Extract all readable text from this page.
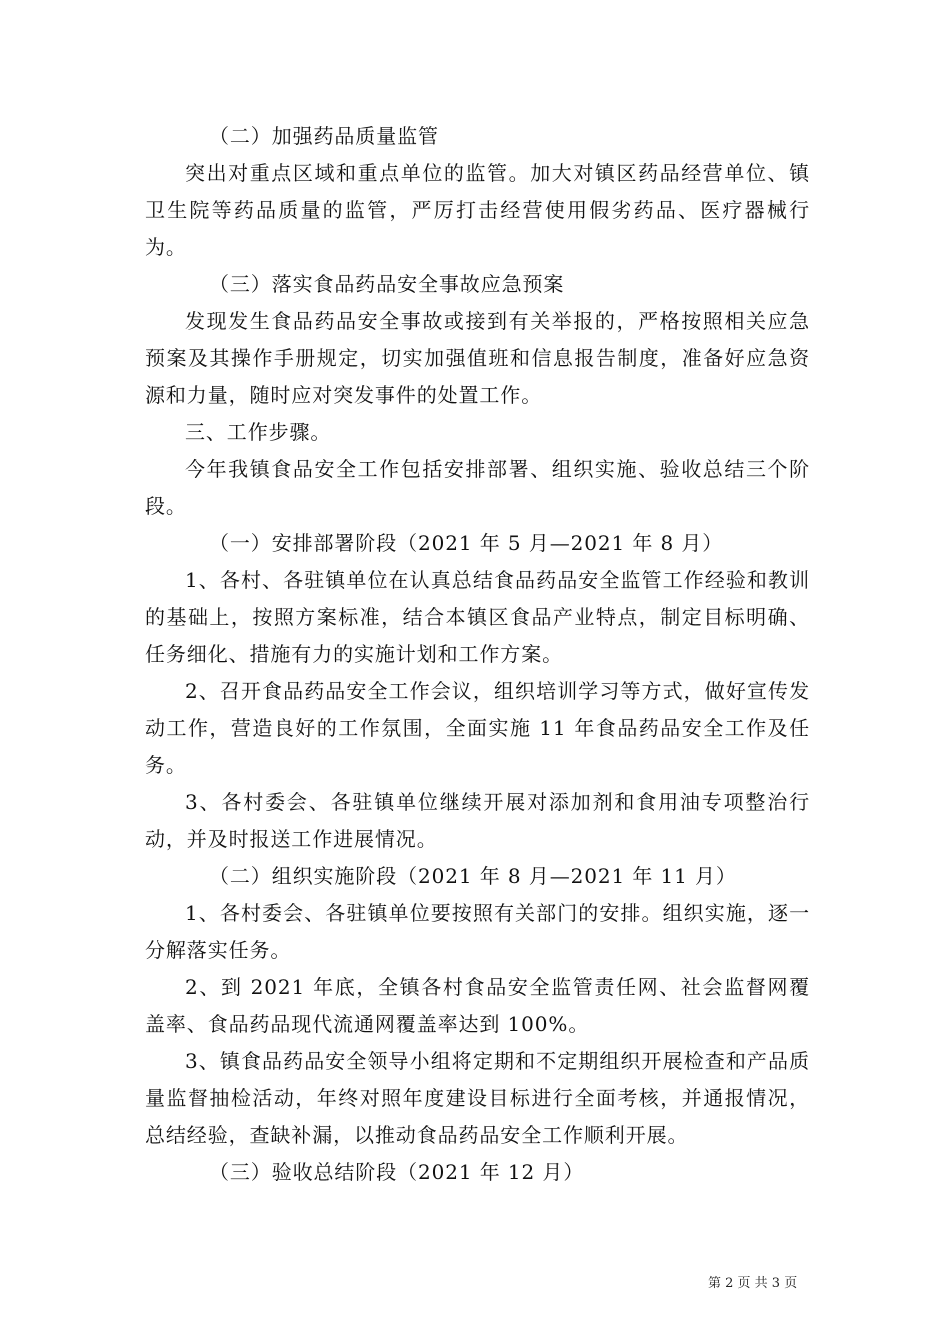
（二）加强药品质量监管

突出对重点区域和重点单位的监管。加大对镇区药品经营单位、镇卫生院等药品质量的监管，严厉打击经营使用假劣药品、医疗器械行为。

（三）落实食品药品安全事故应急预案

发现发生食品药品安全事故或接到有关举报的，严格按照相关应急预案及其操作手册规定，切实加强值班和信息报告制度，准备好应急资源和力量，随时应对突发事件的处置工作。

三、工作步骤。

今年我镇食品安全工作包括安排部署、组织实施、验收总结三个阶段。

（一）安排部署阶段（2021 年 5 月—2021 年 8 月）

1、各村、各驻镇单位在认真总结食品药品安全监管工作经验和教训的基础上，按照方案标准，结合本镇区食品产业特点，制定目标明确、任务细化、措施有力的实施计划和工作方案。

2、召开食品药品安全工作会议，组织培训学习等方式，做好宣传发动工作，营造良好的工作氛围，全面实施 11 年食品药品安全工作及任务。

3、各村委会、各驻镇单位继续开展对添加剂和食用油专项整治行动，并及时报送工作进展情况。

（二）组织实施阶段（2021 年 8 月—2021 年 11 月）

1、各村委会、各驻镇单位要按照有关部门的安排。组织实施，逐一分解落实任务。

2、到 2021 年底，全镇各村食品安全监管责任网、社会监督网覆盖率、食品药品现代流通网覆盖率达到 100%。

3、镇食品药品安全领导小组将定期和不定期组织开展检查和产品质量监督抽检活动，年终对照年度建设目标进行全面考核，并通报情况，总结经验，查缺补漏，以推动食品药品安全工作顺利开展。

（三）验收总结阶段（2021 年 12 月）

第 2 页 共 3 页
